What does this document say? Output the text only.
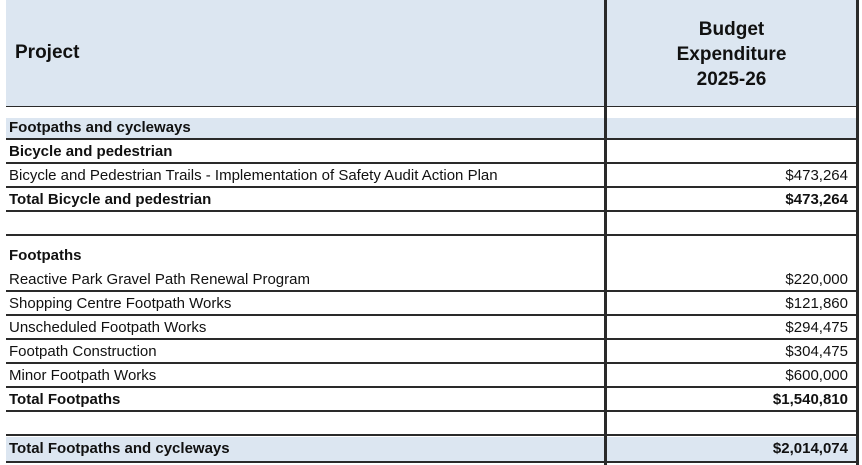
Project
Budget
Expenditure
2025-26
Footpaths and cycleways
Bicycle and pedestrian
Bicycle and Pedestrian Trails - Implementation of Safety Audit Action Plan	$473,264
Total Bicycle and pedestrian	$473,264
Footpaths
Reactive Park Gravel Path Renewal Program	$220,000
Shopping Centre Footpath Works	$121,860
Unscheduled Footpath Works	$294,475
Footpath Construction	$304,475
Minor Footpath Works	$600,000
Total Footpaths	$1,540,810
Total Footpaths and cycleways	$2,014,074
